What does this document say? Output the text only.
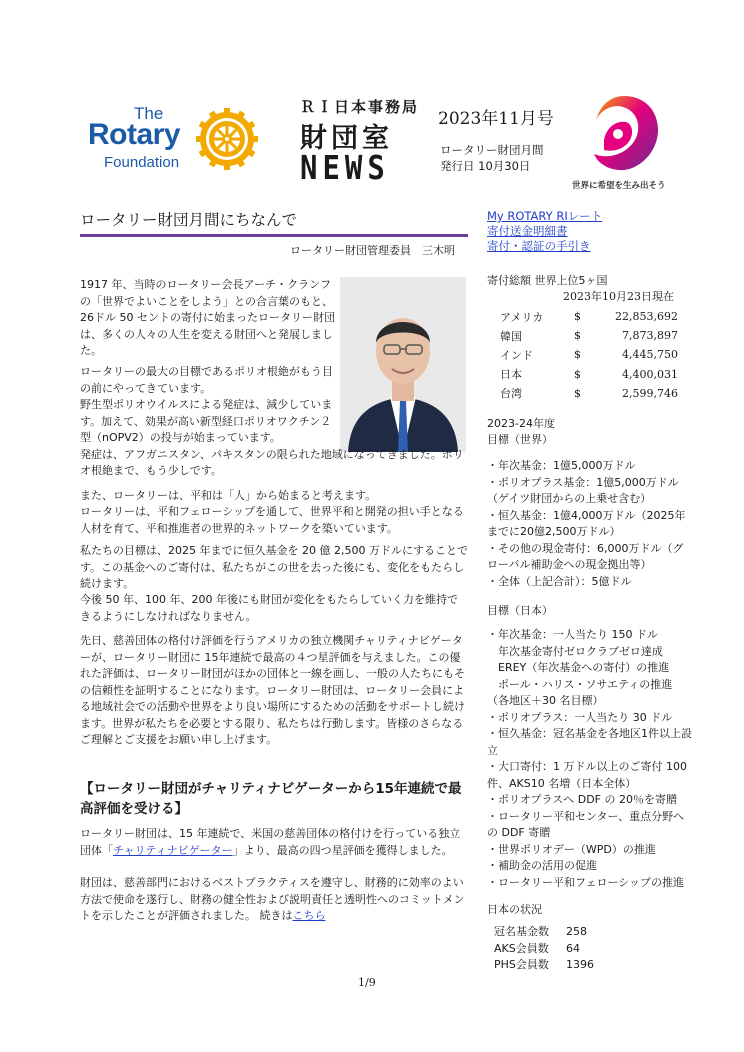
The
Rotary
Foundation
ＲＩ日本事務局
財団室
NEWS
2023年11月号
ロータリー財団月間
発行日 10月30日
世界に希望を生み出そう
ロータリー財団月間にちなんで
ロータリー財団管理委員　三木明

1917 年、当時のロータリー会長アーチ・クランフの「世界でよいことをしよう」との合言葉のもと、26ドル 50 セントの寄付に始まったロータリー財団は、多くの人々の人生を変える財団へと発展しました。

ロータリーの最大の目標であるポリオ根絶がもう目の前にやってきています。

野生型ポリオウイルスによる発症は、減少しています。加えて、効果が高い新型経口ポリオワクチン２型（nOPV2）の投与が始まっています。
発症は、アフガニスタン、パキスタンの限られた地域になってきました。ポリオ根絶まで、もう少しです。

また、ロータリーは、平和は「人」から始まると考えます。

ロータリーは、平和フェローシップを通して、世界平和と開発の担い手となる人材を育て、平和推進者の世界的ネットワークを築いています。

私たちの目標は、2025 年までに恒久基金を 20 億 2,500 万ドルにすることです。この基金へのご寄付は、私たちがこの世を去った後にも、変化をもたらし続けます。

今後 50 年、100 年、200 年後にも財団が変化をもたらしていく力を維持できるようにしなければなりません。

先日、慈善団体の格付け評価を行うアメリカの独立機関チャリティナビゲーターが、ロータリー財団に 15年連続で最高の４つ星評価を与えました。この優れた評価は、ロータリー財団がほかの団体と一線を画し、一般の人たちにもその信頼性を証明することになります。ロータリー財団は、ロータリー会員による地域社会での活動や世界をより良い場所にするための活動をサポートし続けます。世界が私たちを必要とする限り、私たちは行動します。皆様のさらなるご理解とご支援をお願い申し上げます。

【ロータリー財団がチャリティナビゲーターから15年連続で最高評価を受ける】

ロータリー財団は、15 年連続で、米国の慈善団体の格付けを行っている独立団体「チャリティナビゲーター」より、最高の四つ星評価を獲得しました。

財団は、慈善部門におけるベストプラクティスを遵守し、財務的に効率のよい方法で使命を遂行し、財務の健全性および説明責任と透明性へのコミットメントを示したことが評価されました。 続きはこちら

1/9
My ROTARY RIレート
寄付送金明細書
寄付・認証の手引き
寄付総額 世界上位5ヶ国
2023年10月23日現在
アメリカ	$	22,853,692
韓国	$	7,873,897
インド	$	4,445,750
日本	$	4,400,031
台湾	$	2,599,746
2023-24年度
目標（世界）
・年次基金：1億5,000万ドル
・ポリオプラス基金：1億5,000万ドル（ゲイツ財団からの上乗せ含む）
・恒久基金：1億4,000万ドル（2025年までに20億2,500万ドル）
・その他の現金寄付：6,000万ドル（グローバル補助金への現金拠出等）
・全体（上記合計）：5億ドル
目標（日本）
・年次基金：一人当たり 150 ドル
　年次基金寄付ゼロクラブゼロ達成
　EREY（年次基金への寄付）の推進
　ポール・ハリス・ソサエティの推進（各地区＋30 名目標）
・ポリオプラス：一人当たり 30 ドル
・恒久基金：冠名基金を各地区1件以上設立
・大口寄付：1 万ドル以上のご寄付 100 件、AKS10 名増（日本全体）
・ポリオプラスへ DDF の 20％を寄贈
・ロータリー平和センター、重点分野への DDF 寄贈
・世界ポリオデー（WPD）の推進
・補助金の活用の促進
・ロータリー平和フェローシップの推進
日本の状況
冠名基金数	258
AKS会員数	64
PHS会員数	1396
